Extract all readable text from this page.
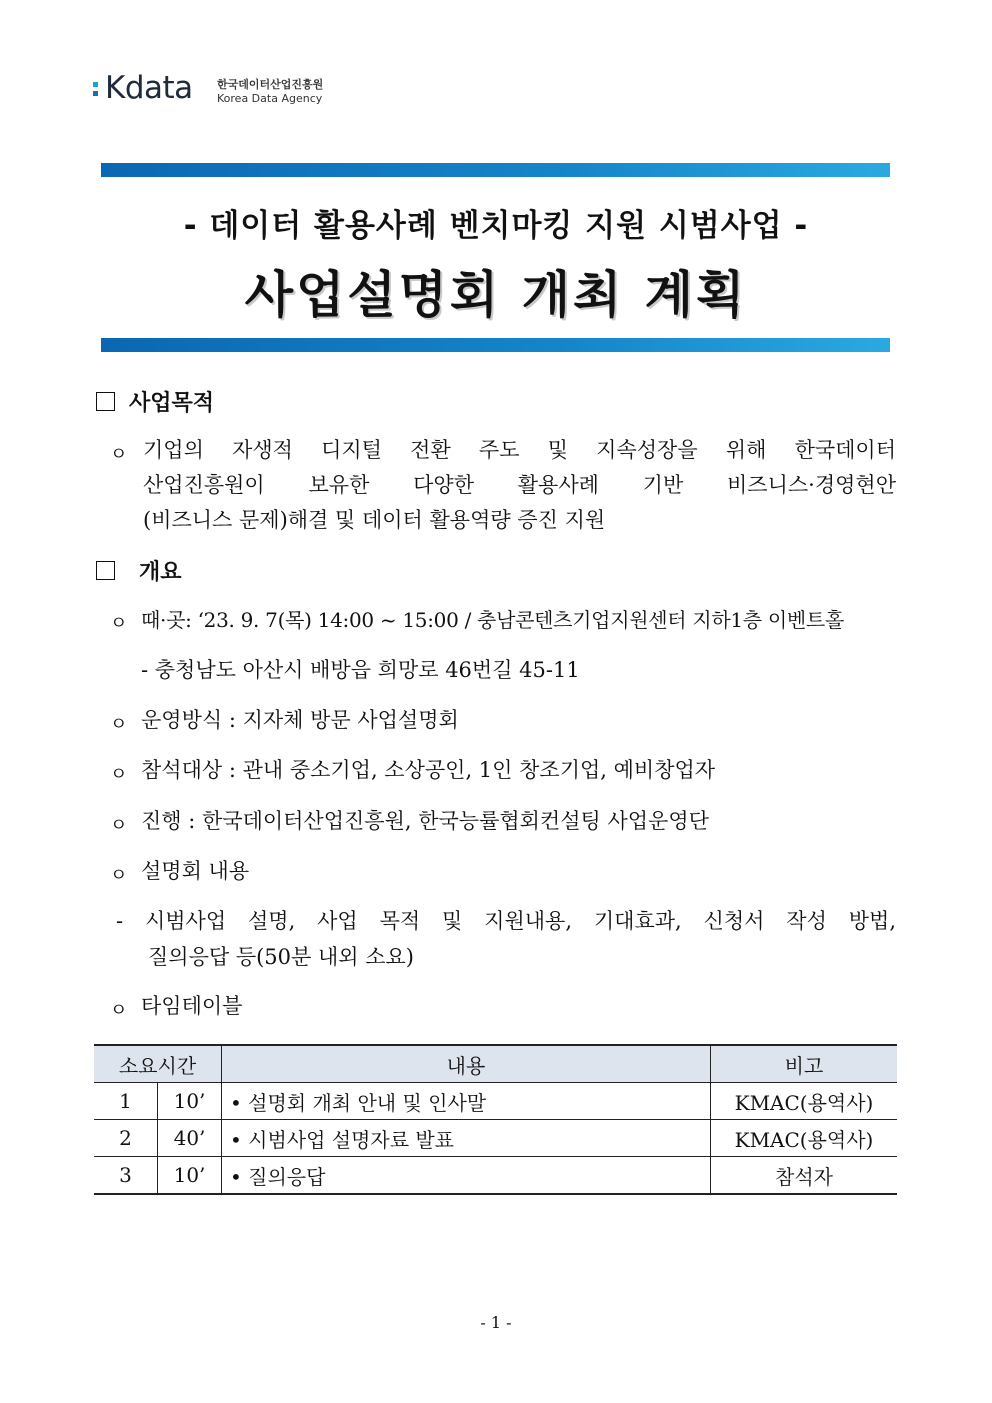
Kdata 한국데이터산업진흥원
Korea Data Agency
- 데이터 활용사례 벤치마킹 지원 시범사업 -
사업설명회 개최 계획
사업목적
ㅇ 기업의 자생적 디지털 전환 주도 및 지속성장을 위해 한국데이터
산업진흥원이 보유한 다양한 활용사례 기반 비즈니스·경영현안
(비즈니스 문제)해결 및 데이터 활용역량 증진 지원
개요
ㅇ 때·곳: ‘23. 9. 7(목) 14:00 ~ 15:00 / 충남콘텐츠기업지원센터 지하1층 이벤트홀
- 충청남도 아산시 배방읍 희망로 46번길 45-11
ㅇ 운영방식 : 지자체 방문 사업설명회
ㅇ 참석대상 : 관내 중소기업, 소상공인, 1인 창조기업, 예비창업자
ㅇ 진행 : 한국데이터산업진흥원, 한국능률협회컨설팅 사업운영단
ㅇ 설명회 내용
- 시범사업 설명, 사업 목적 및 지원내용, 기대효과, 신청서 작성 방법,
질의응답 등(50분 내외 소요)
ㅇ 타임테이블
소요시간		내용	비고
1	10’	• 설명회 개최 안내 및 인사말	KMAC(용역사)
2	40’	• 시범사업 설명자료 발표	KMAC(용역사)
3	10’	• 질의응답	참석자
- 1 -
